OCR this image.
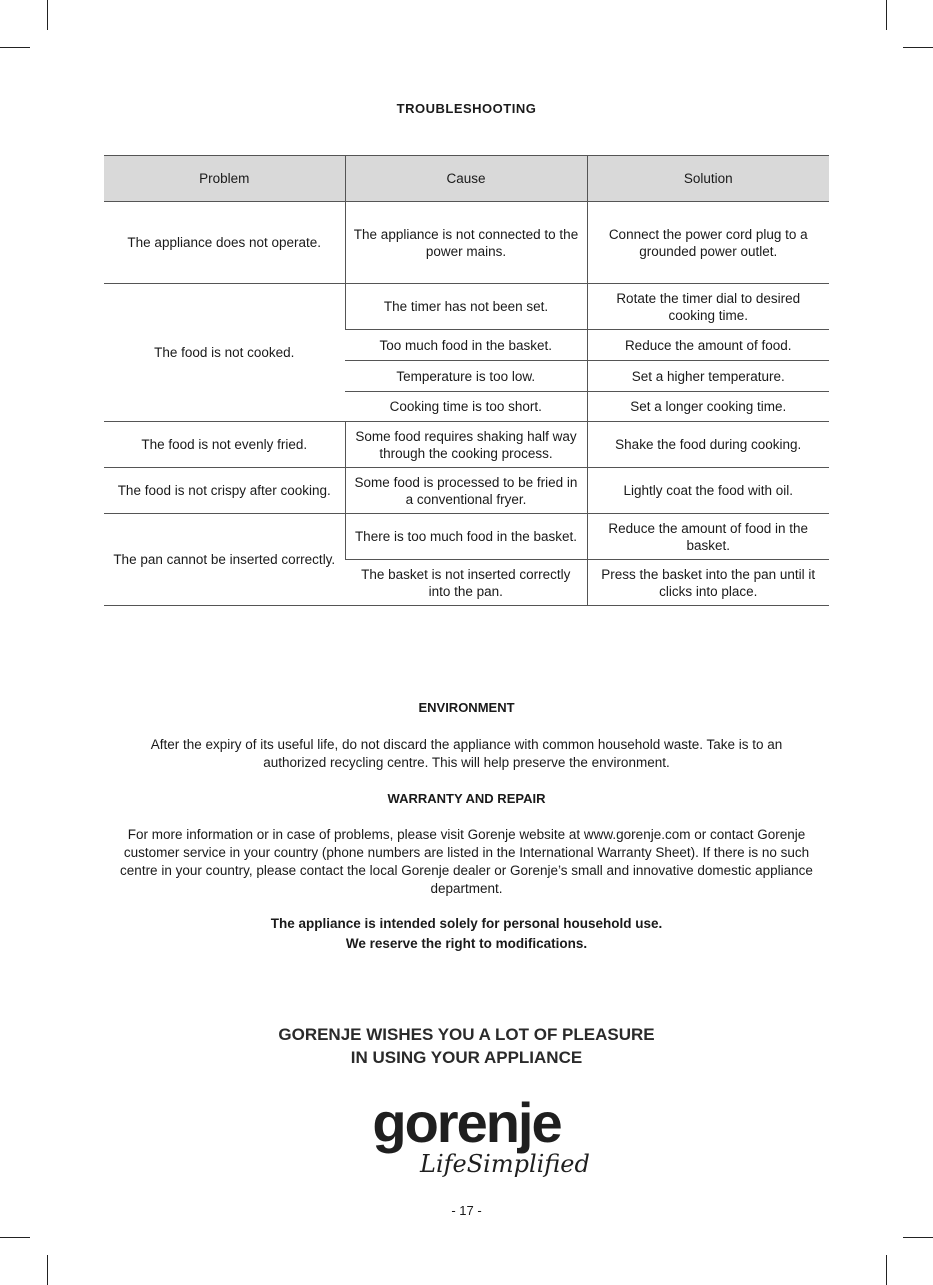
TROUBLESHOOTING
Problem	Cause	Solution
The appliance does not operate.	The appliance is not connected to the power mains.	Connect the power cord plug to a grounded power outlet.
The food is not cooked.	The timer has not been set.	Rotate the timer dial to desired cooking time.
	Too much food in the basket.	Reduce the amount of food.
	Temperature is too low.	Set a higher temperature.
	Cooking time is too short.	Set a longer cooking time.
The food is not evenly fried.	Some food requires shaking half way through the cooking process.	Shake the food during cooking.
The food is not crispy after cooking.	Some food is processed to be fried in a conventional fryer.	Lightly coat the food with oil.
The pan cannot be inserted correctly.	There is too much food in the basket.	Reduce the amount of food in the basket.
	The basket is not inserted correctly into the pan.	Press the basket into the pan until it clicks into place.
ENVIRONMENT
After the expiry of its useful life, do not discard the appliance with common household waste. Take is to an authorized recycling centre. This will help preserve the environment.
WARRANTY AND REPAIR
For more information or in case of problems, please visit Gorenje website at www.gorenje.com or contact Gorenje customer service in your country (phone numbers are listed in the International Warranty Sheet). If there is no such centre in your country, please contact the local Gorenje dealer or Gorenje’s small and innovative domestic appliance department.
The appliance is intended solely for personal household use.
We reserve the right to modifications.
GORENJE WISHES YOU A LOT OF PLEASURE
IN USING YOUR APPLIANCE
gorenje
LifeSimplified
- 17 -
